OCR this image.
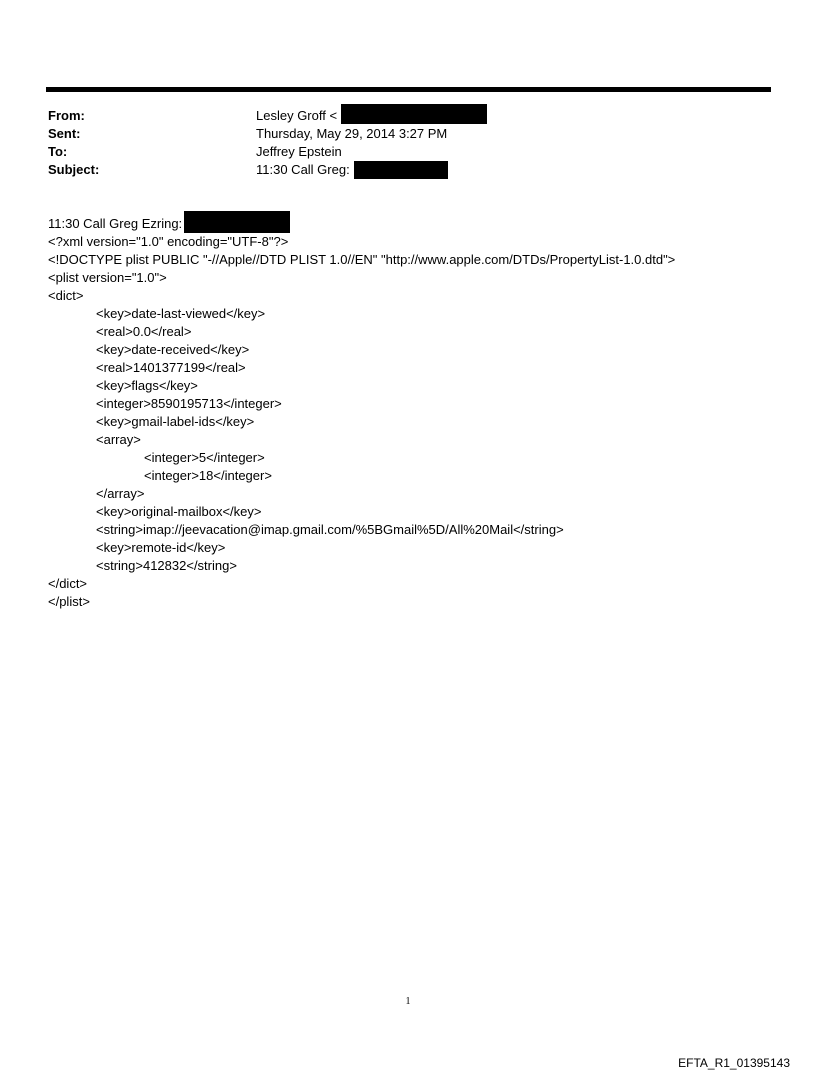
From:	Lesley Groff <
Sent:	Thursday, May 29, 2014 3:27 PM
To:	Jeffrey Epstein
Subject:	11:30 Call Greg:
11:30 Call Greg Ezring:
<?xml version="1.0" encoding="UTF-8"?>
<!DOCTYPE plist PUBLIC "-//Apple//DTD PLIST 1.0//EN" "http://www.apple.com/DTDs/PropertyList-1.0.dtd">
<plist version="1.0">
<dict>
<key>date-last-viewed</key>
<real>0.0</real>
<key>date-received</key>
<real>1401377199</real>
<key>flags</key>
<integer>8590195713</integer>
<key>gmail-label-ids</key>
<array>
<integer>5</integer>
<integer>18</integer>
</array>
<key>original-mailbox</key>
<string>imap://jeevacation@imap.gmail.com/%5BGmail%5D/All%20Mail</string>
<key>remote-id</key>
<string>412832</string>
</dict>
</plist>
1
EFTA_R1_01395143
